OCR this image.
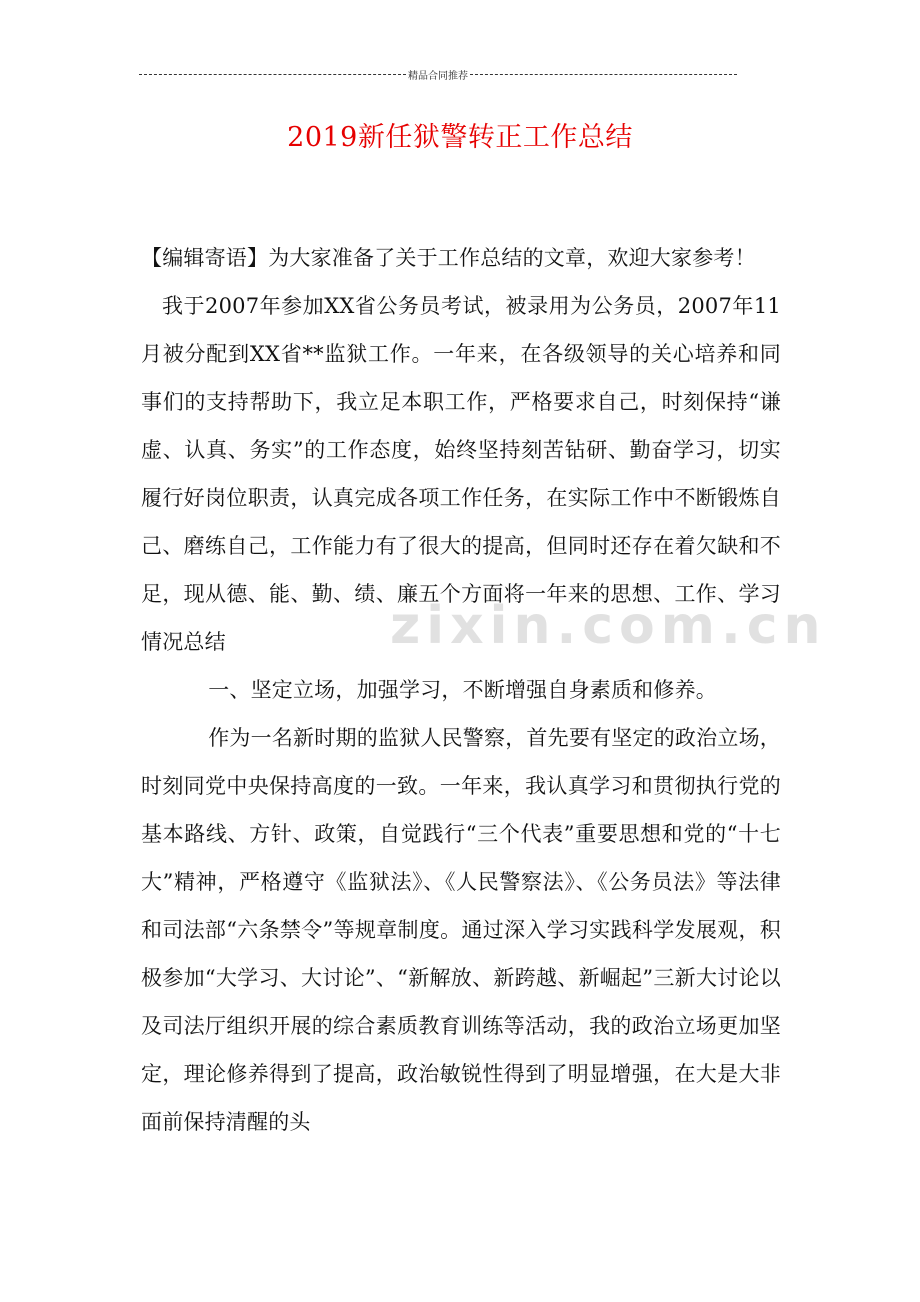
精品合同推荐
2019新任狱警转正工作总结

【编辑寄语】为大家准备了关于工作总结的文章，欢迎大家参考！

我于2007年参加XX省公务员考试，被录用为公务员，2007年11月被分配到XX省**监狱工作。一年来，在各级领导的关心培养和同事们的支持帮助下，我立足本职工作，严格要求自己，时刻保持“谦虚、认真、务实”的工作态度，始终坚持刻苦钻研、勤奋学习，切实履行好岗位职责，认真完成各项工作任务，在实际工作中不断锻炼自己、磨练自己，工作能力有了很大的提高，但同时还存在着欠缺和不足，现从德、能、勤、绩、廉五个方面将一年来的思想、工作、学习情况总结

一、坚定立场，加强学习，不断增强自身素质和修养。

作为一名新时期的监狱人民警察，首先要有坚定的政治立场，时刻同党中央保持高度的一致。一年来，我认真学习和贯彻执行党的基本路线、方针、政策，自觉践行“三个代表”重要思想和党的“十七大”精神，严格遵守《监狱法》、《人民警察法》、《公务员法》等法律和司法部“六条禁令”等规章制度。通过深入学习实践科学发展观，积极参加“大学习、大讨论”、“新解放、新跨越、新崛起”三新大讨论以及司法厅组织开展的综合素质教育训练等活动，我的政治立场更加坚定，理论修养得到了提高，政治敏锐性得到了明显增强，在大是大非面前保持清醒的头

zixin.com.cn
